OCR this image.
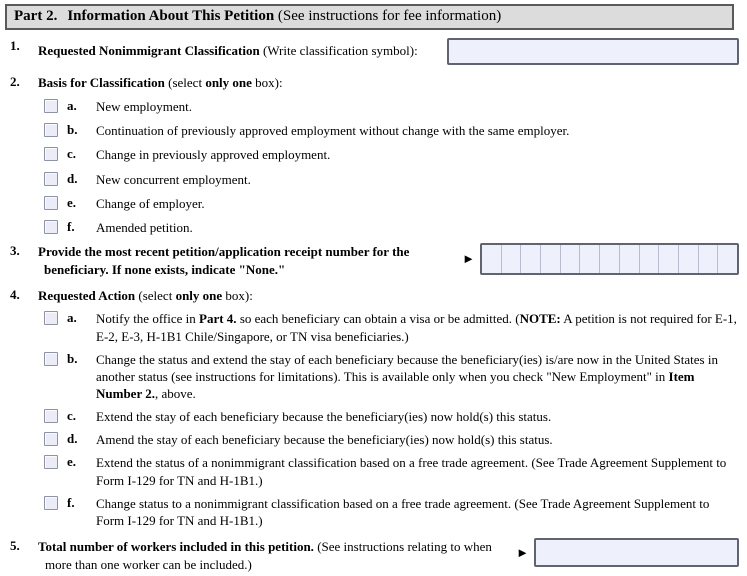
Part 2. Information About This Petition (See instructions for fee information)
1.	Requested Nonimmigrant Classification (Write classification symbol):
2.	Basis for Classification (select only one box):
a.	New employment.
b.	Continuation of previously approved employment without change with the same employer.
c.	Change in previously approved employment.
d.	New concurrent employment.
e.	Change of employer.
f.	Amended petition.
3.	Provide the most recent petition/application receipt number for the beneficiary. If none exists, indicate "None."
►
4.	Requested Action (select only one box):
a.	Notify the office in Part 4. so each beneficiary can obtain a visa or be admitted. (NOTE: A petition is not required for E-1, E-2, E-3, H-1B1 Chile/Singapore, or TN visa beneficiaries.)
b.	Change the status and extend the stay of each beneficiary because the beneficiary(ies) is/are now in the United States in another status (see instructions for limitations). This is available only when you check "New Employment" in Item Number 2., above.
c.	Extend the stay of each beneficiary because the beneficiary(ies) now hold(s) this status.
d.	Amend the stay of each beneficiary because the beneficiary(ies) now hold(s) this status.
e.	Extend the status of a nonimmigrant classification based on a free trade agreement. (See Trade Agreement Supplement to Form I-129 for TN and H-1B1.)
f.	Change status to a nonimmigrant classification based on a free trade agreement. (See Trade Agreement Supplement to Form I-129 for TN and H-1B1.)
5.	Total number of workers included in this petition. (See instructions relating to when more than one worker can be included.)
►
